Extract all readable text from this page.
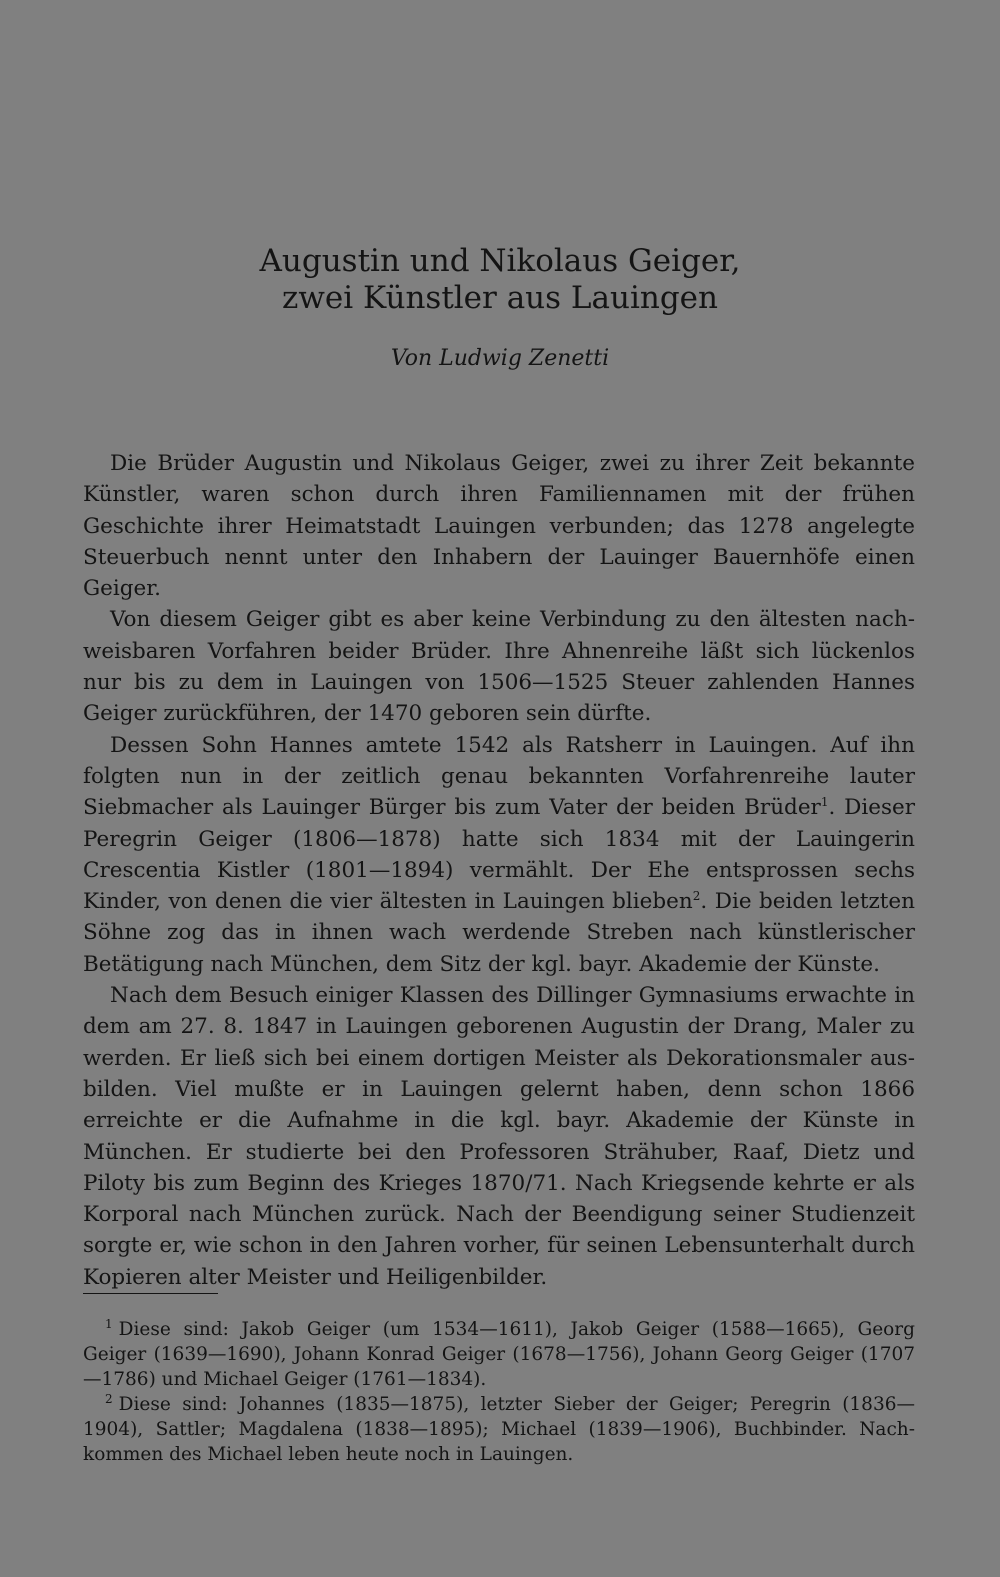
Augustin und Nikolaus Geiger,
zwei Künstler aus Lauingen
Von Ludwig Zenetti

Die Brüder Augustin und Nikolaus Geiger, zwei zu ihrer Zeit bekannte Künstler, waren schon durch ihren Familiennamen mit der frühen Geschichte ihrer Heimatstadt Lauingen verbunden; das 1278 angelegte Steuerbuch nennt unter den Inhabern der Lauinger Bauernhöfe einen Geiger.

Von diesem Geiger gibt es aber keine Verbindung zu den ältesten nachweisbaren Vorfahren beider Brüder. Ihre Ahnenreihe läßt sich lückenlos nur bis zu dem in Lauingen von 1506—1525 Steuer zahlenden Hannes Geiger zurückführen, der 1470 geboren sein dürfte.

Dessen Sohn Hannes amtete 1542 als Ratsherr in Lauingen. Auf ihn folgten nun in der zeitlich genau bekannten Vorfahrenreihe lauter Siebmacher als Lauinger Bürger bis zum Vater der beiden Brüder$^1$. Dieser Peregrin Geiger (1806—1878) hatte sich 1834 mit der Lauingerin Crescentia Kistler (1801—​1894) vermählt. Der Ehe entsprossen sechs Kinder, von denen die vier ältesten in Lauingen blieben$^2$. Die beiden letzten Söhne zog das in ihnen wach werdende Streben nach künstlerischer Betätigung nach München, dem Sitz der kgl. bayr. Akademie der Künste.

Nach dem Besuch einiger Klassen des Dillinger Gymnasiums erwachte in dem am 27. 8. 1847 in Lauingen geborenen Augustin der Drang, Maler zu werden. Er ließ sich bei einem dortigen Meister als Dekorationsmaler ausbilden. Viel mußte er in Lauingen gelernt haben, denn schon 1866 erreichte er die Aufnahme in die kgl. bayr. Akademie der Künste in München. Er studierte bei den Professoren Strähuber, Raaf, Dietz und Piloty bis zum Beginn des Krieges 1870/71. Nach Kriegsende kehrte er als Korporal nach München zurück. Nach der Beendigung seiner Studienzeit sorgte er, wie schon in den Jahren vorher, für seinen Lebensunterhalt durch Kopieren alter Meister und Heiligenbilder.

$^1$ Diese sind: Jakob Geiger (um 1534—1611), Jakob Geiger (1588—1665), Georg Geiger (1639—1690), Johann Konrad Geiger (1678—1756), Johann Georg Geiger (1707—1786) und Michael Geiger (1761—1834).

$^2$ Diese sind: Johannes (1835—1875), letzter Sieber der Geiger; Peregrin (1836—​1904), Sattler; Magdalena (1838—1895); Michael (1839—1906), Buchbinder. Nachkommen des Michael leben heute noch in Lauingen.
